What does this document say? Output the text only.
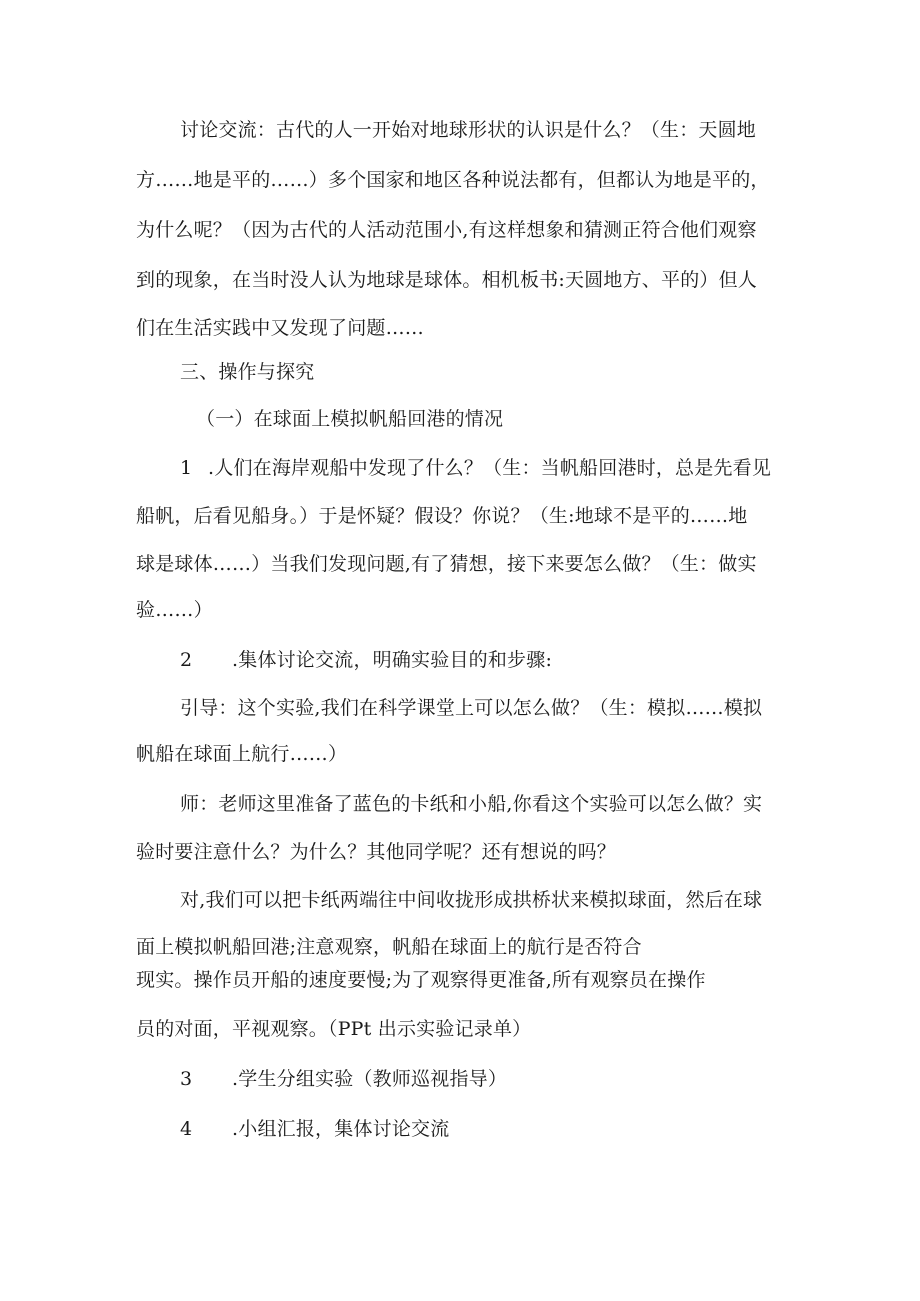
讨论交流：古代的人一开始对地球形状的认识是什么？（生：天圆地
方……地是平的……）多个国家和地区各种说法都有，但都认为地是平的，
为什么呢？（因为古代的人活动范围小,有这样想象和猜测正符合他们观察
到的现象，在当时没人认为地球是球体。相机板书:天圆地方、平的）但人
们在生活实践中又发现了问题……
三、操作与探究
（一）在球面上模拟帆船回港的情况
1 .人们在海岸观船中发现了什么？（生：当帆船回港时，总是先看见
船帆，后看见船身。）于是怀疑？假设？你说？（生:地球不是平的……地
球是球体……）当我们发现问题,有了猜想，接下来要怎么做？（生：做实
验……）
2 .集体讨论交流，明确实验目的和步骤:
引导：这个实验,我们在科学课堂上可以怎么做？（生：模拟……模拟
帆船在球面上航行……）
师：老师这里准备了蓝色的卡纸和小船,你看这个实验可以怎么做？实
验时要注意什么？为什么？其他同学呢？还有想说的吗？
对,我们可以把卡纸两端往中间收拢形成拱桥状来模拟球面，然后在球
面上模拟帆船回港;注意观察，帆船在球面上的航行是否符合
现实。操作员开船的速度要慢;为了观察得更准备,所有观察员在操作
员的对面，平视观察。（PPt 出示实验记录单）
3 .学生分组实验（教师巡视指导）
4 .小组汇报，集体讨论交流
